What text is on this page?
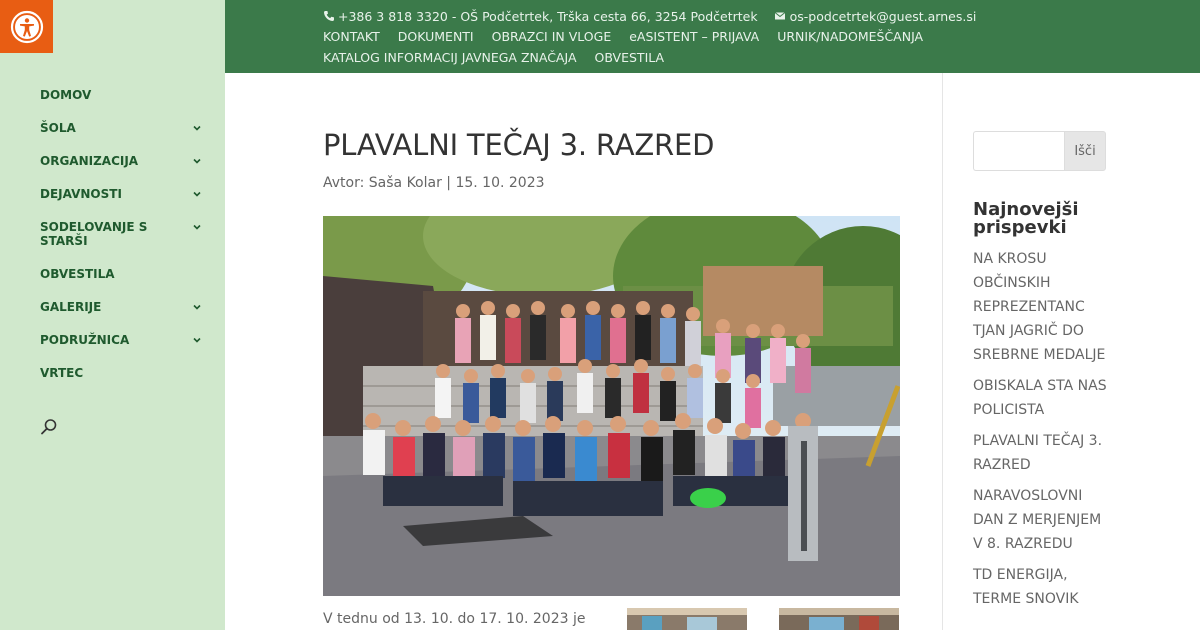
DOMOV
ŠOLA
ORGANIZACIJA
DEJAVNOSTI
SODELOVANJE S STARŠI
OBVESTILA
GALERIJE
PODRUŽNICA
VRTEC
+386 3 818 3320 - OŠ Podčetrtek, Trška cesta 66, 3254 Podčetrtek	os-podcetrtek@guest.arnes.si
KONTAKT DOKUMENTI OBRAZCI IN VLOGE eASISTENT – PRIJAVA URNIK/NADOMEŠČANJA
KATALOG INFORMACIJ JAVNEGA ZNAČAJA OBVESTILA
PLAVALNI TEČAJ 3. RAZRED
Avtor: Saša Kolar | 15. 10. 2023
V tednu od 13. 10. do 17. 10. 2023 je
Išči
Najnovejši prispevki
NA KROSU OBČINSKIH REPREZENTANC TJAN JAGRIČ DO SREBRNE MEDALJE
OBISKALA STA NAS POLICISTA
PLAVALNI TEČAJ 3. RAZRED
NARAVOSLOVNI DAN Z MERJENJEM V 8. RAZREDU
TD ENERGIJA, TERME SNOVIK
